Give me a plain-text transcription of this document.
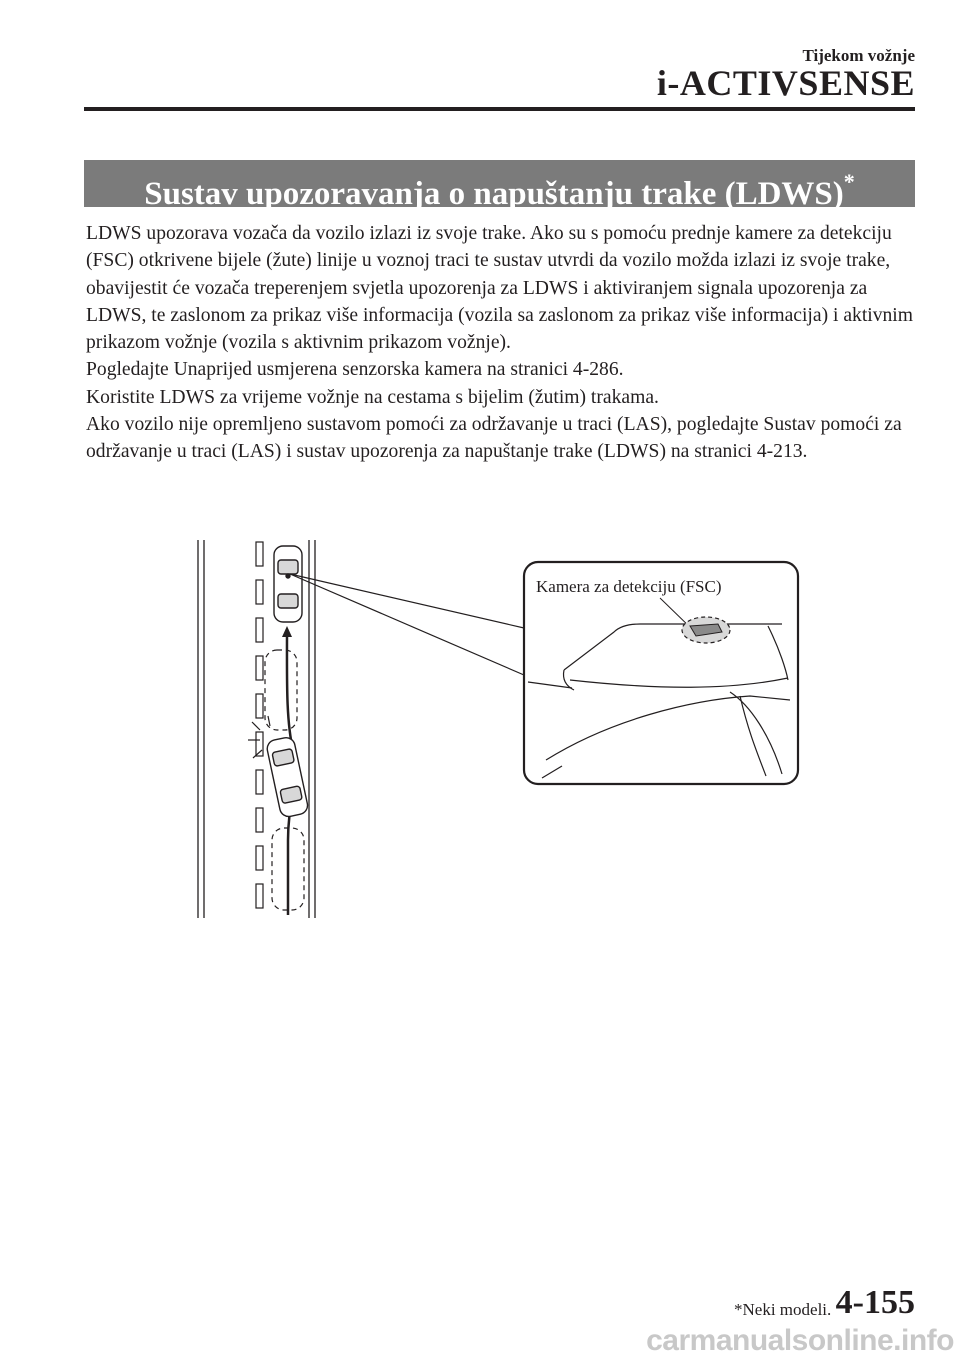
Tijekom vožnje
i-ACTIVSENSE
Sustav upozoravanja o napuštanju trake (LDWS)*

LDWS upozorava vozača da vozilo izlazi iz svoje trake. Ako su s pomoću prednje kamere za detekciju (FSC) otkrivene bijele (žute) linije u voznoj traci te sustav utvrdi da vozilo možda izlazi iz svoje trake, obavijestit će vozača treperenjem svjetla upozorenja za LDWS i aktiviranjem signala upozorenja za LDWS, te zaslonom za prikaz više informacija (vozila sa zaslonom za prikaz više informacija) i aktivnim prikazom vožnje (vozila s aktivnim prikazom vožnje).

Pogledajte Unaprijed usmjerena senzorska kamera na stranici 4-286.

Koristite LDWS za vrijeme vožnje na cestama s bijelim (žutim) trakama.

Ako vozilo nije opremljeno sustavom pomoći za održavanje u traci (LAS), pogledajte Sustav pomoći za održavanje u traci (LAS) i sustav upozorenja za napuštanje trake (LDWS) na stranici 4-213.

Kamera za detekciju (FSC)
*Neki modeli. 4-155
carmanualsonline.info
